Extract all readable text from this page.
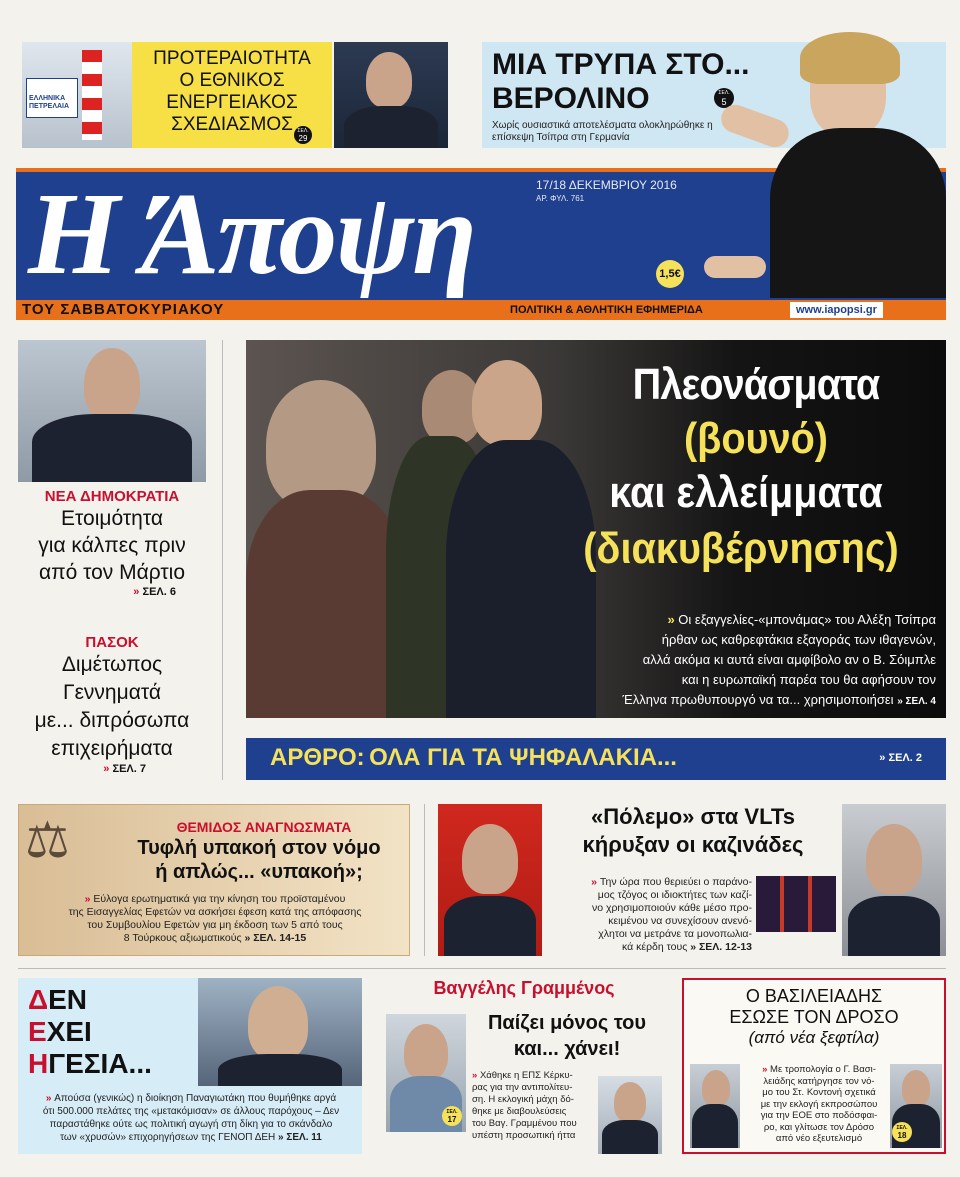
ΕΛΛΗΝΙΚΑ ΠΕΤΡΕΛΑΙΑ
ΠΡΟΤΕΡΑΙΟΤΗΤΑ
Ο ΕΘΝΙΚΟΣ
ΕΝΕΡΓΕΙΑΚΟΣ
ΣΧΕΔΙΑΣΜΟΣ ΣΕΛ.
29
ΜΙΑ ΤΡΥΠΑ ΣΤΟ...
ΒΕΡΟΛΙΝΟ	ΣΕΛ.
5
Χωρίς ουσιαστικά αποτελέσματα ολοκληρώθηκε η επίσκεψη Τσίπρα στη Γερμανία
Η Άποψη	17/18 ΔΕΚΕΜΒΡΙΟΥ 2016
ΑΡ. ΦΥΛ. 761
1,5€
ΤΟΥ ΣΑΒΒΑΤΟΚΥΡΙΑΚΟΥ	ΠΟΛΙΤΙΚΗ & ΑΘΛΗΤΙΚΗ ΕΦΗΜΕΡΙΔΑ	www.iapopsi.gr
ΝΕΑ ΔΗΜΟΚΡΑΤΙΑ
Ετοιμότητα
για κάλπες πριν
από τον Μάρτιο
» ΣΕΛ. 6
ΠΑΣΟΚ
Διμέτωπος
Γεννηματά
με... διπρόσωπα
επιχειρήματα
» ΣΕΛ. 7
Πλεονάσματα
(βουνό)
και ελλείμματα
(διακυβέρνησης)
» Οι εξαγγελίες-«μπονάμας» του Αλέξη Τσίπρα
ήρθαν ως καθρεφτάκια εξαγοράς των ιθαγενών,
αλλά ακόμα κι αυτά είναι αμφίβολο αν ο Β. Σόιμπλε
και η ευρωπαϊκή παρέα του θα αφήσουν τον
Έλληνα πρωθυπουργό να τα... χρησιμοποιήσει » ΣΕΛ. 4
ΑΡΘΡΟ: ΟΛΑ ΓΙΑ ΤΑ ΨΗΦΑΛΑΚΙΑ...	» ΣΕΛ. 2
⚖	ΘΕΜΙΔΟΣ ΑΝΑΓΝΩΣΜΑΤΑ
Τυφλή υπακοή στον νόμο
ή απλώς... «υπακοή»;
» Εύλογα ερωτηματικά για την κίνηση του προϊσταμένου
της Εισαγγελίας Εφετών να ασκήσει έφεση κατά της απόφασης
του Συμβουλίου Εφετών για μη έκδοση των 5 από τους
8 Τούρκους αξιωματικούς » ΣΕΛ. 14-15
«Πόλεμο» στα VLTs
κήρυξαν οι καζινάδες
» Την ώρα που θεριεύει ο παράνο-
μος τζόγος οι ιδιοκτήτες των καζί-
νο χρησιμοποιούν κάθε μέσο προ-
κειμένου να συνεχίσουν ανενό-
χλητοι να μετράνε τα μονοπωλια-
κά κέρδη τους » ΣΕΛ. 12-13
ΔΕΝ
ΕΧΕΙ
ΗΓΕΣΙΑ...
» Απούσα (γενικώς) η διοίκηση Παναγιωτάκη που θυμήθηκε αργά
ότι 500.000 πελάτες της «μετακόμισαν» σε άλλους παρόχους – Δεν
παραστάθηκε ούτε ως πολιτική αγωγή στη δίκη για το σκάνδαλο
των «χρυσών» επιχορηγήσεων της ΓΕΝΟΠ ΔΕΗ » ΣΕΛ. 11
Βαγγέλης Γραμμένος
ΣΕΛ.
17
Παίζει μόνος του
και... χάνει!
» Χάθηκε η ΕΠΣ Κέρκυ-
ρας για την αντιπολίτευ-
ση. Η εκλογική μάχη δό-
θηκε με διαβουλεύσεις
του Βαγ. Γραμμένου που
υπέστη προσωπική ήττα
Ο ΒΑΣΙΛΕΙΑΔΗΣ
ΕΣΩΣΕ ΤΟΝ ΔΡΟΣΟ
(από νέα ξεφτίλα)
» Με τροπολογία ο Γ. Βασι-
λειάδης κατήργησε τον νό-
μο του Στ. Κοντονή σχετικά
με την εκλογή εκπροσώπου
για την ΕΟΕ στο ποδόσφαι-
ρο, και γλίτωσε τον Δρόσο
από νέο εξευτελισμό
ΣΕΛ.
18
